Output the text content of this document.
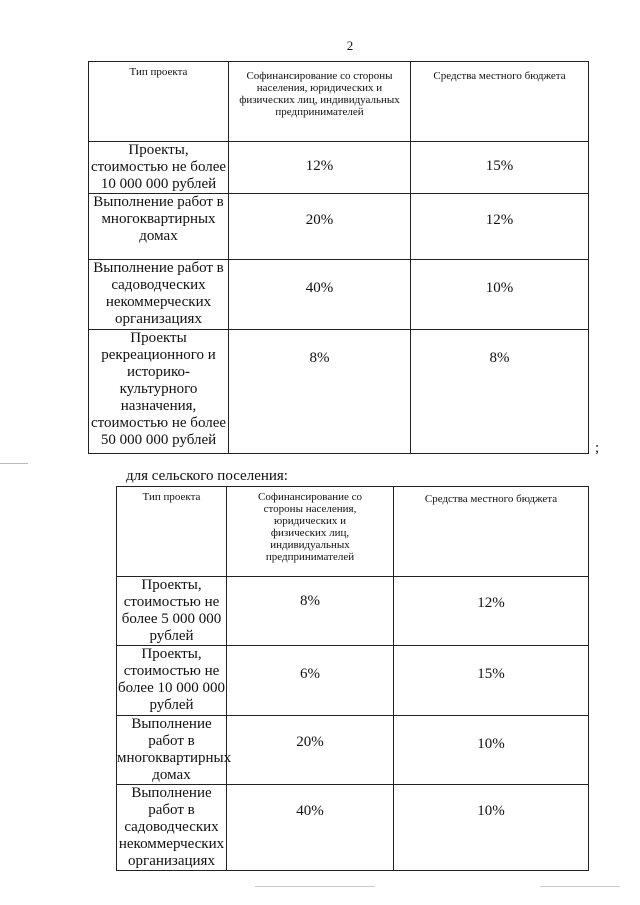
2
Тип проекта	Софинансирование со стороны населения, юридических и физических лиц, индивидуальных предпринимателей	Средства местного бюджета
Проекты, стоимостью не более 10 000 000 рублей	12%	15%
Выполнение работ в многоквартирных домах	20%	12%
Выполнение работ в садоводческих некоммерческих организациях	40%	10%
Проекты рекреационного и историко-культурного назначения, стоимостью не более 50 000 000 рублей	8%	8%
;
для сельского поселения:
Тип проекта	Софинансирование со стороны населения, юридических и физических лиц, индивидуальных предпринимателей	Средства местного бюджета
Проекты, стоимостью не более 5 000 000 рублей	8%	12%
Проекты, стоимостью не более 10 000 000 рублей	6%	15%
Выполнение работ в многоквартирных домах	20%	10%
Выполнение работ в садоводческих некоммерческих организациях	40%	10%
